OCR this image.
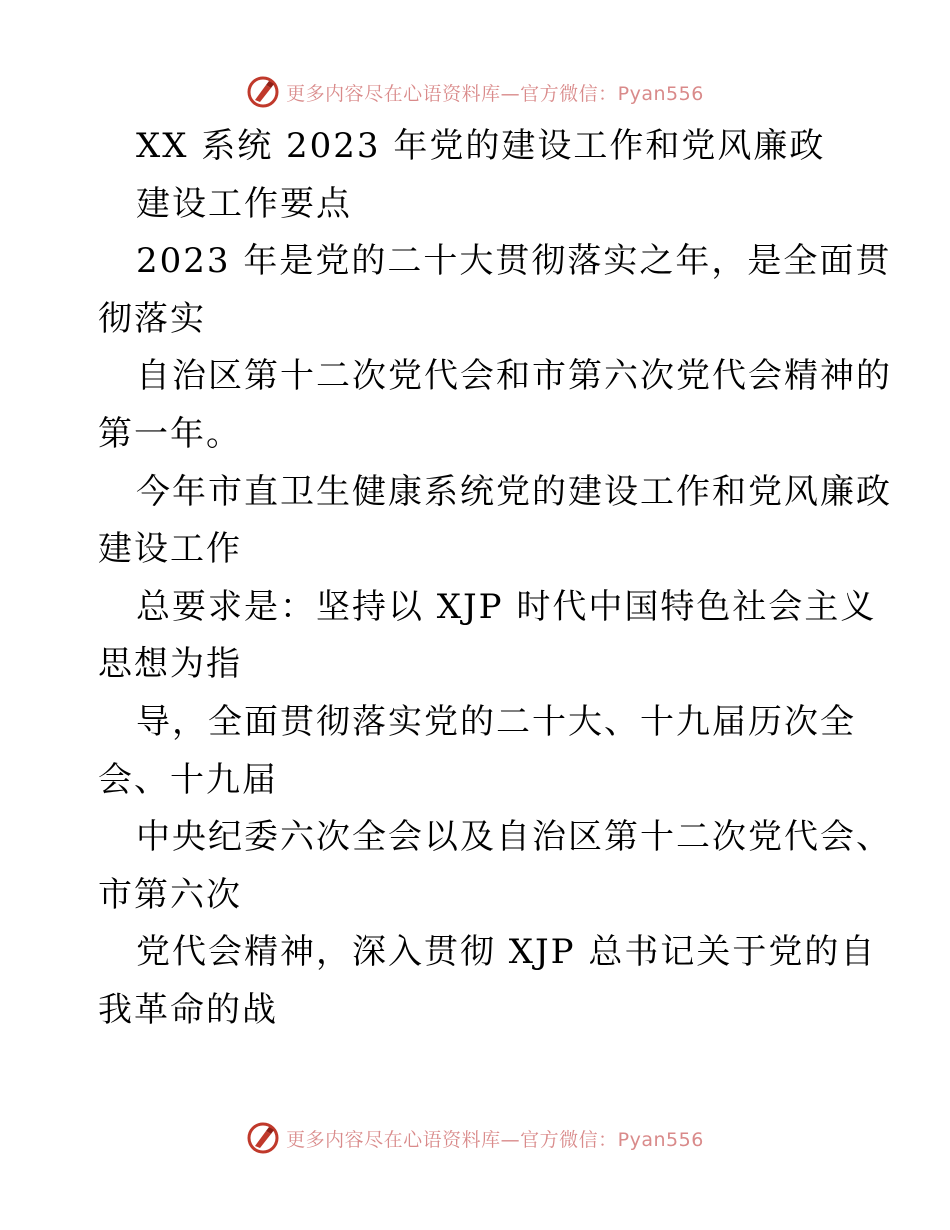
更多内容尽在心语资料库—官方微信：Pyan556
XX 系统 2023 年党的建设工作和党风廉政
建设工作要点
2023 年是党的二十大贯彻落实之年，是全面贯
彻落实
自治区第十二次党代会和市第六次党代会精神的
第一年。
今年市直卫生健康系统党的建设工作和党风廉政
建设工作
总要求是：坚持以 XJP 时代中国特色社会主义
思想为指
导，全面贯彻落实党的二十大、十九届历次全
会、十九届
中央纪委六次全会以及自治区第十二次党代会、
市第六次
党代会精神，深入贯彻 XJP 总书记关于党的自
我革命的战
更多内容尽在心语资料库—官方微信：Pyan556
